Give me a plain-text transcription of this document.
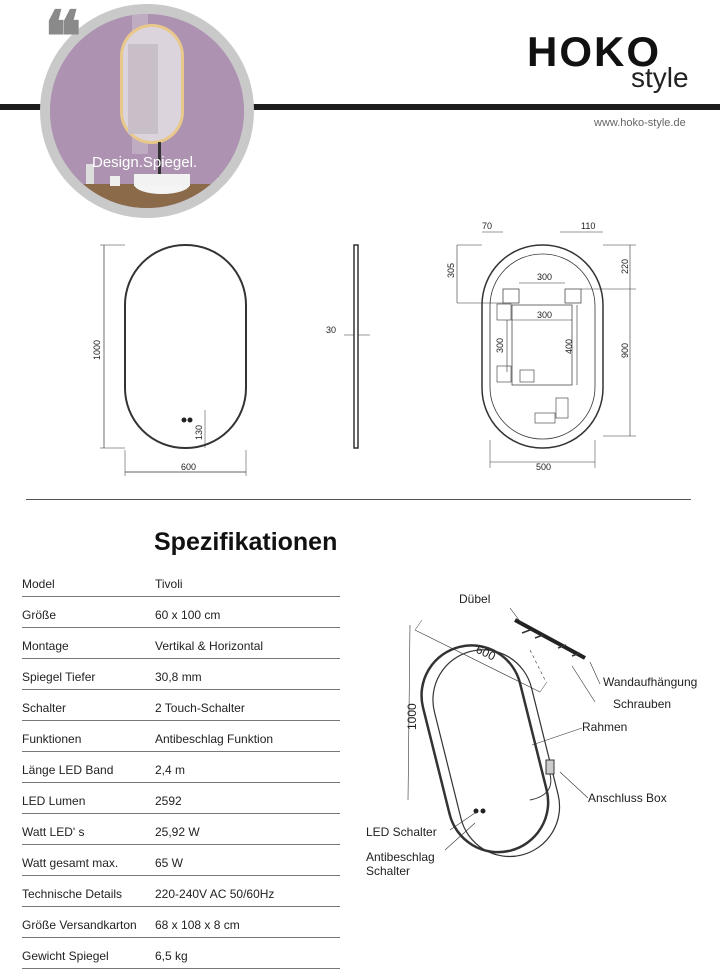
Design.Spiegel.
❝	HOKO
style
www.hoko-style.de
1000
600
130
30
70	110
305	220
300
300
300	400	900
500
Spezifikationen
Model	Tivoli
Größe	60 x 100 cm
Montage	Vertikal & Horizontal
Spiegel Tiefer	30,8 mm
Schalter	2 Touch-Schalter
Funktionen	Antibeschlag Funktion
Länge LED Band	2,4 m
LED Lumen	2592
Watt LED' s	25,92 W
Watt gesamt max.	65 W
Technische Details	220-240V AC 50/60Hz
Größe Versandkarton 68 x 108 x 8 cm
Gewicht Spiegel	6,5 kg
600
1000
Dübel
Wandaufhängung
Schrauben
Rahmen
Anschluss Box
LED Schalter
Antibeschlag
Schalter
